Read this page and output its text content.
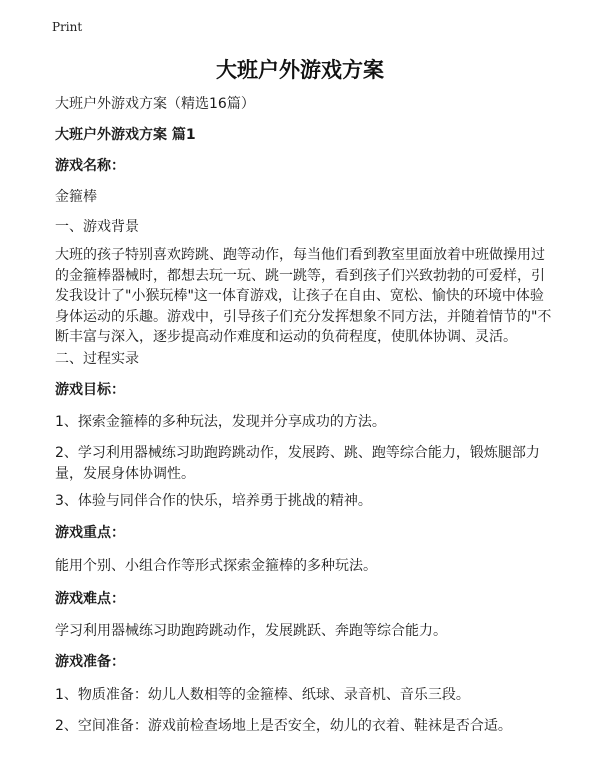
Print
大班户外游戏方案

大班户外游戏方案（精选16篇）

大班户外游戏方案 篇1

游戏名称：

金箍棒

一、游戏背景

大班的孩子特别喜欢跨跳、跑等动作，每当他们看到教室里面放着中班做操用过的金箍棒器械时，都想去玩一玩、跳一跳等，看到孩子们兴致勃勃的可爱样，引发我设计了"小猴玩棒"这一体育游戏，让孩子在自由、宽松、愉快的环境中体验身体运动的乐趣。游戏中，引导孩子们充分发挥想象不同方法，并随着情节的"不断丰富与深入，逐步提高动作难度和运动的负荷程度，使肌体协调、灵活。

二、过程实录

游戏目标：

1、探索金箍棒的多种玩法，发现并分享成功的方法。

2、学习利用器械练习助跑跨跳动作，发展跨、跳、跑等综合能力，锻炼腿部力量，发展身体协调性。

3、体验与同伴合作的快乐，培养勇于挑战的精神。

游戏重点：

能用个别、小组合作等形式探索金箍棒的多种玩法。

游戏难点：

学习利用器械练习助跑跨跳动作，发展跳跃、奔跑等综合能力。

游戏准备：

1、物质准备：幼儿人数相等的金箍棒、纸球、录音机、音乐三段。

2、空间准备：游戏前检查场地上是否安全，幼儿的衣着、鞋袜是否合适。
